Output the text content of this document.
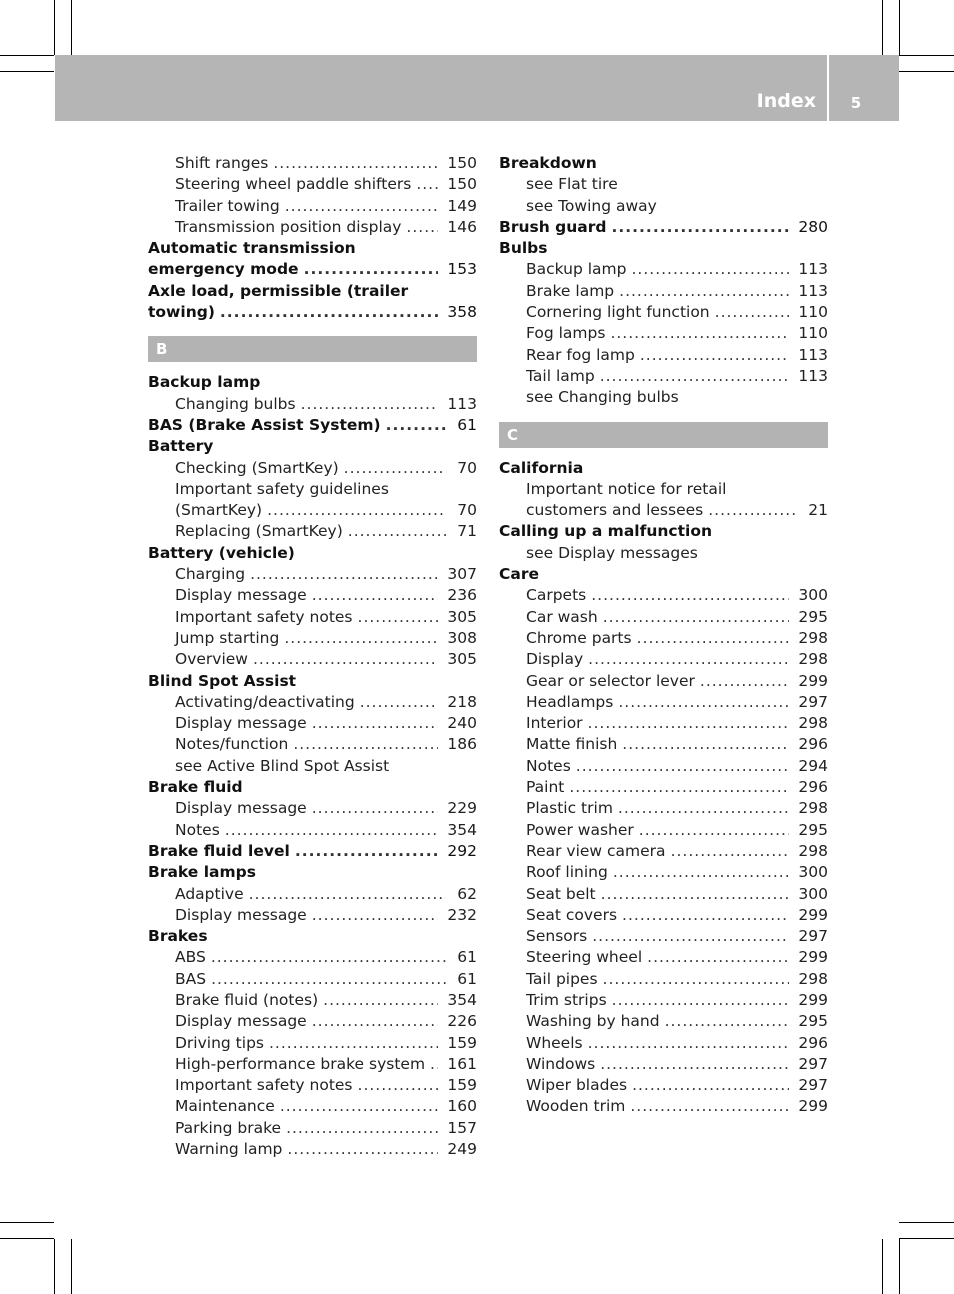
Index	5
Shift ranges .....	150
Steering wheel paddle shifters .....	150
Trailer towing .....	149
Transmission position display .....	146
Automatic transmission
emergency mode .....	153
Axle load, permissible (trailer
towing) .....	358
B
Backup lamp
Changing bulbs .....	113
BAS (Brake Assist System) .....	61
Battery
Checking (SmartKey) .....	70
Important safety guidelines
(SmartKey) .....	70
Replacing (SmartKey) .....	71
Battery (vehicle)
Charging .....	307
Display message .....	236
Important safety notes .....	305
Jump starting .....	308
Overview .....	305
Blind Spot Assist
Activating/deactivating .....	218
Display message .....	240
Notes/function .....	186
see Active Blind Spot Assist
Brake fluid
Display message .....	229
Notes .....	354
Brake fluid level .....	292
Brake lamps
Adaptive .....	62
Display message .....	232
Brakes
ABS .....	61
BAS .....	61
Brake fluid (notes) .....	354
Display message .....	226
Driving tips .....	159
High-performance brake system .....	161
Important safety notes .....	159
Maintenance .....	160
Parking brake .....	157
Warning lamp .....	249
Breakdown
see Flat tire
see Towing away
Brush guard .....	280
Bulbs
Backup lamp .....	113
Brake lamp .....	113
Cornering light function .....	110
Fog lamps .....	110
Rear fog lamp .....	113
Tail lamp .....	113
see Changing bulbs
C
California
Important notice for retail
customers and lessees .....	21
Calling up a malfunction
see Display messages
Care
Carpets .....	300
Car wash .....	295
Chrome parts .....	298
Display .....	298
Gear or selector lever .....	299
Headlamps .....	297
Interior .....	298
Matte finish .....	296
Notes .....	294
Paint .....	296
Plastic trim .....	298
Power washer .....	295
Rear view camera .....	298
Roof lining .....	300
Seat belt .....	300
Seat covers .....	299
Sensors .....	297
Steering wheel .....	299
Tail pipes .....	298
Trim strips .....	299
Washing by hand .....	295
Wheels .....	296
Windows .....	297
Wiper blades .....	297
Wooden trim .....	299
